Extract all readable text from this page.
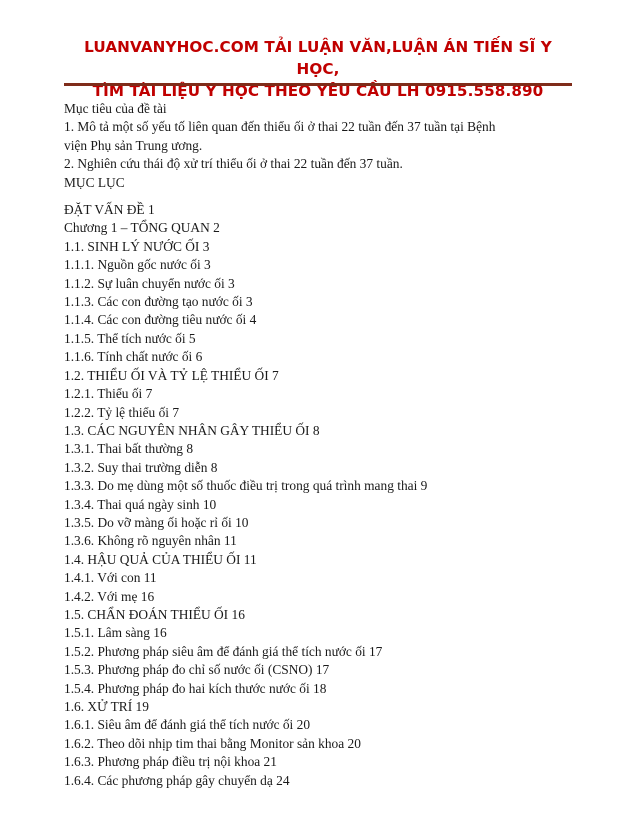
LUANVANYHOC.COM TẢI LUẬN VĂN,LUẬN ÁN TIẾN SĨ Y HỌC,
TÌM TÀI LIỆU Y HỌC THEO YÊU CẦU LH 0915.558.890
Mục tiêu của đề tài
1. Mô tả một số yếu tố liên quan đến thiểu ối ở thai 22 tuần đến 37 tuần tại Bệnh
viện Phụ sản Trung ương.
2. Nghiên cứu thái độ xử trí thiểu ối ở thai 22 tuần đến 37 tuần.
MỤC LỤC
ĐẶT VẤN ĐỀ 1
Chương 1 – TỔNG QUAN 2
1.1. SINH LÝ NƯỚC ỐI 3
1.1.1. Nguồn gốc nước ối 3
1.1.2. Sự luân chuyển nước ối 3
1.1.3. Các con đường tạo nước ối 3
1.1.4. Các con đường tiêu nước ối 4
1.1.5. Thể tích nước ối 5
1.1.6. Tính chất nước ối 6
1.2. THIỂU ỐI VÀ TỶ LỆ THIỂU ỐI 7
1.2.1. Thiểu ối 7
1.2.2. Tỷ lệ thiểu ối 7
1.3. CÁC NGUYÊN NHÂN GÂY THIỂU ỐI 8
1.3.1. Thai bất thường 8
1.3.2. Suy thai trường diễn 8
1.3.3. Do mẹ dùng một số thuốc điều trị trong quá trình mang thai 9
1.3.4. Thai quá ngày sinh 10
1.3.5. Do vỡ màng ối hoặc rỉ ối 10
1.3.6. Không rõ nguyên nhân 11
1.4. HẬU QUẢ CỦA THIỂU ỐI 11
1.4.1. Với con 11
1.4.2. Với mẹ 16
1.5. CHẨN ĐOÁN THIỂU ỐI 16
1.5.1. Lâm sàng 16
1.5.2. Phương pháp siêu âm để đánh giá thể tích nước ối 17
1.5.3. Phương pháp đo chỉ số nước ối (CSNO) 17
1.5.4. Phương pháp đo hai kích thước nước ối 18
1.6. XỬ TRÍ 19
1.6.1. Siêu âm để đánh giá thể tích nước ối 20
1.6.2. Theo dõi nhịp tim thai bằng Monitor sản khoa 20
1.6.3. Phương pháp điều trị nội khoa 21
1.6.4. Các phương pháp gây chuyển dạ 24
